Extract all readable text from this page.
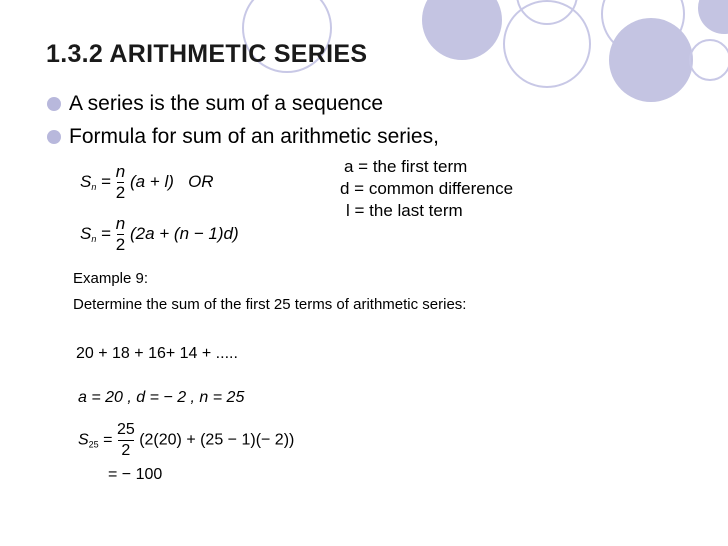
1.3.2 ARITHMETIC SERIES
A series is the sum of a sequence
Formula for sum of an arithmetic series,
$S_n = \frac{n}{2} (a + l)$ OR
$S_n = \frac{n}{2} (2a + (n - 1)d)$
a = the first term
d = common difference
l = the last term
Example 9:
Determine the sum of the first 25 terms of arithmetic series:
20 + 18 + 16+ 14 + .....
a = 20 , d = − 2 , n = 25
$S_{25} = \frac{25}{2} (2(20) + (25 - 1)(- 2))$
= − 100
